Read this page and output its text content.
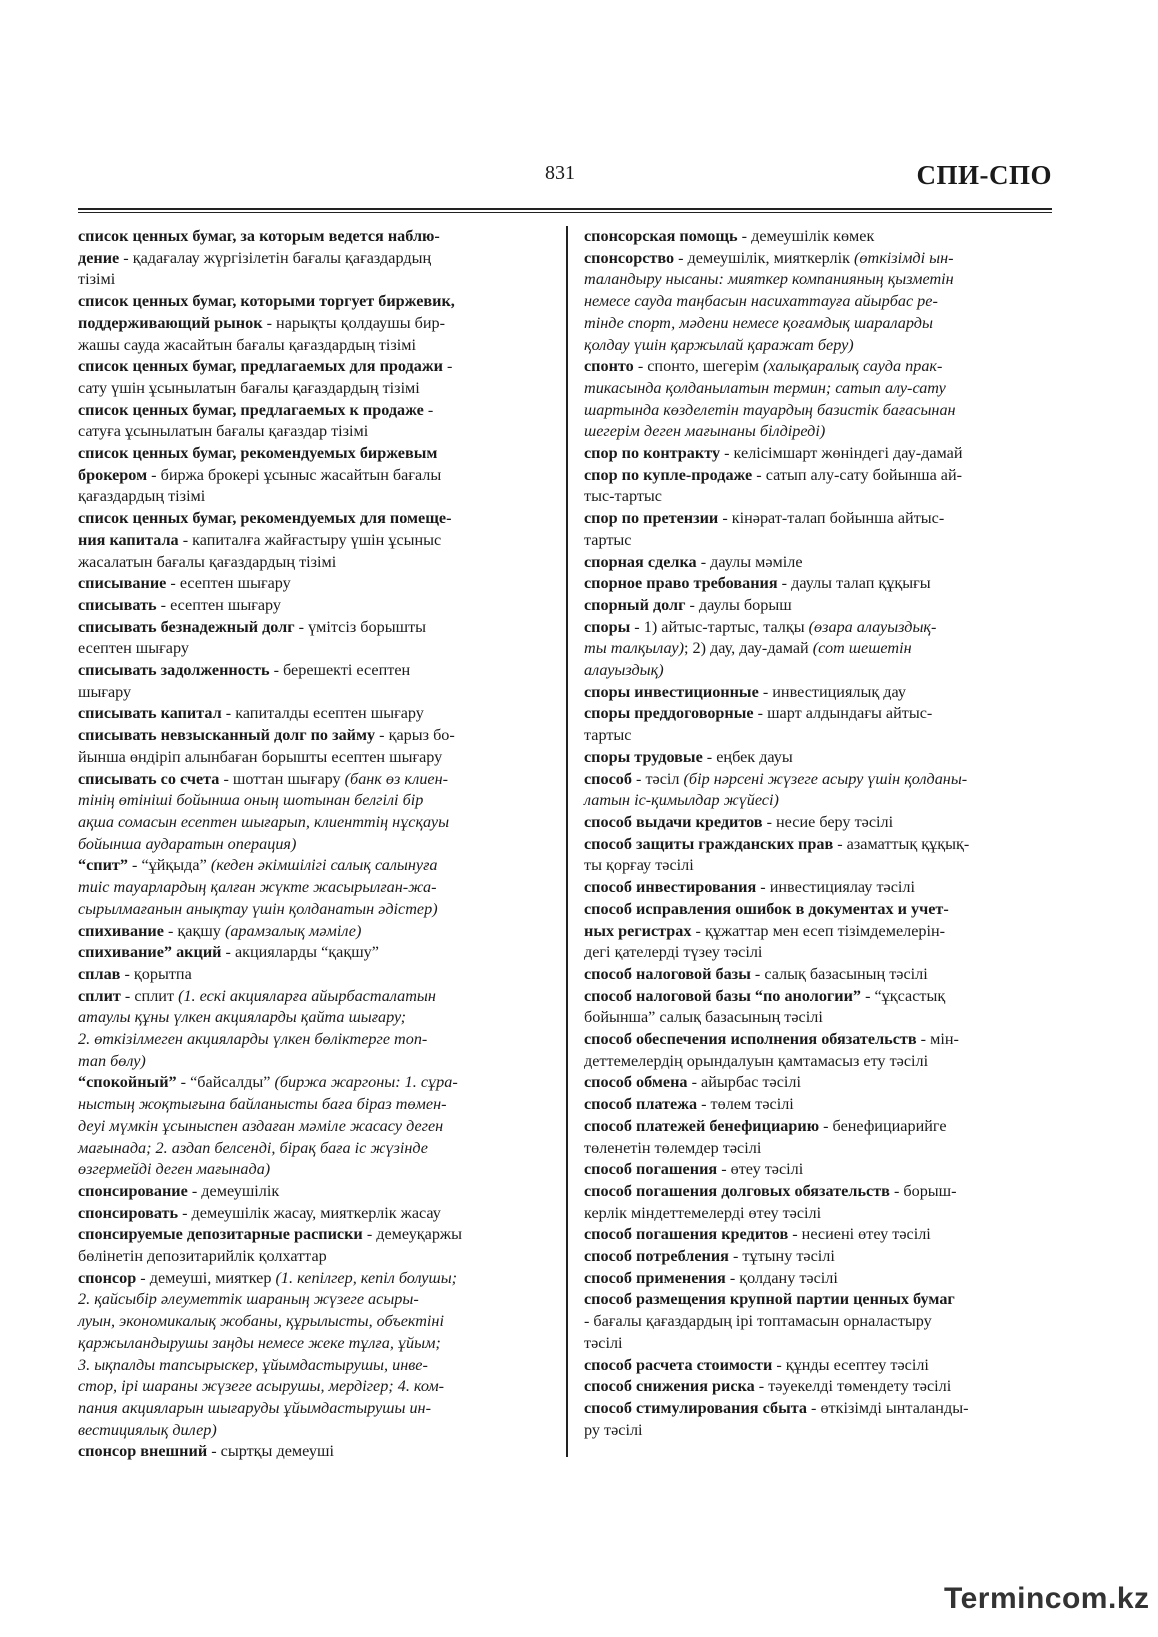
831	СПИ-СПО
список ценных бумаг, за которым ведется наблю-
дение - қадағалау жүргізілетін бағалы қағаздардың
тізімі
список ценных бумаг, которыми торгует биржевик,
поддерживающий рынок - нарықты қолдаушы бир-
жашы сауда жасайтын бағалы қағаздардың тізімі
список ценных бумаг, предлагаемых для продажи -
сату үшін ұсынылатын бағалы қағаздардың тізімі
список ценных бумаг, предлагаемых к продаже -
сатуға ұсынылатын бағалы қағаздар тізімі
список ценных бумаг, рекомендуемых биржевым
брокером - биржа брокері ұсыныс жасайтын бағалы
қағаздардың тізімі
список ценных бумаг, рекомендуемых для помеще-
ния капитала - капиталға жайғастыру үшін ұсыныс
жасалатын бағалы қағаздардың тізімі
списывание - есептен шығару
списывать - есептен шығару
списывать безнадежный долг - үмітсіз борышты
есептен шығару
списывать задолженность - берешекті есептен
шығару
списывать капитал - капиталды есептен шығару
списывать невзысканный долг по займу - қарыз бо-
йынша өндіріп алынбаған борышты есептен шығару
списывать со счета - шоттан шығару (банк өз клиен-
тінің өтініші бойынша оның шотынан белгілі бір
ақша сомасын есептен шығарып, клиенттің нұсқауы
бойынша аударатын операция)
“спит” - “ұйқыда” (кеден әкімшілігі салық салынуға
тиіс тауарлардың қалған жүкте жасырылған-жа-
сырылмағанын анықтау үшін қолданатын әдістер)
спихивание - қақшу (арамзалық мәміле)
спихивание” акций - акцияларды “қақшу”
сплав - қорытпа
сплит - сплит (1. ескі акцияларға айырбасталатын
атаулы құны үлкен акцияларды қайта шығару;
2. өткізілмеген акцияларды үлкен бөліктерге топ-
тап бөлу)
“спокойный” - “байсалды” (биржа жаргоны: 1. сұра-
ныстың жоқтығына байланысты баға біраз төмен-
деуі мүмкін ұсыныспен аздаған мәміле жасасу деген
мағынада; 2. аздап белсенді, бірақ баға іс жүзінде
өзгермейді деген мағынада)
спонсирование - демеушілік
спонсировать - демеушілік жасау, мияткерлік жасау
спонсируемые депозитарные расписки - демеуқаржы
бөлінетін депозитарийлік қолхаттар
спонсор - демеуші, мияткер (1. кепілгер, кепіл болушы;
2. қайсыбір әлеуметтік шараның жүзеге асыры-
луын, экономикалық жобаны, құрылысты, объектіні
қаржыландырушы заңды немесе жеке тұлға, ұйым;
3. ықпалды тапсырыскер, ұйымдастырушы, инве-
стор, ірі шараны жүзеге асырушы, мердігер; 4. ком-
пания акцияларын шығаруды ұйымдастырушы ин-
вестициялық дилер)
спонсор внешний - сыртқы демеуші
спонсорская помощь - демеушілік көмек
спонсорство - демеушілік, мияткерлік (өткізімді ын-
таландыру нысаны: мияткер компанияның қызметін
немесе сауда таңбасын насихаттауға айырбас ре-
тінде спорт, мәдени немесе қоғамдық шараларды
қолдау үшін қаржылай қаражат беру)
спонто - спонто, шегерім (халықаралық сауда прак-
тикасында қолданылатын термин; сатып алу-сату
шартында көзделетін тауардың базистік бағасынан
шегерім деген мағынаны білдіреді)
спор по контракту - келісімшарт жөніндегі дау-дамай
спор по купле-продаже - сатып алу-сату бойынша ай-
тыс-тартыс
спор по претензии - кінәрат-талап бойынша айтыс-
тартыс
спорная сделка - даулы мәміле
спорное право требования - даулы талап құқығы
спорный долг - даулы борыш
споры - 1) айтыс-тартыс, талқы (өзара алауыздық-
ты талқылау); 2) дау, дау-дамай (сот шешетін
алауыздық)
споры инвестиционные - инвестициялық дау
споры преддоговорные - шарт алдындағы айтыс-
тартыс
споры трудовые - еңбек дауы
способ - тәсіл (бір нәрсені жүзеге асыру үшін қолданы-
латын іс-қимылдар жүйесі)
способ выдачи кредитов - несие беру тәсілі
способ защиты гражданских прав - азаматтық құқық-
ты қорғау тәсілі
способ инвестирования - инвестициялау тәсілі
способ исправления ошибок в документах и учет-
ных регистрах - құжаттар мен есеп тізімдемелерін-
дегі қателерді түзеу тәсілі
способ налоговой базы - салық базасының тәсілі
способ налоговой базы “по анологии” - “ұқсастық
бойынша” салық базасының тәсілі
способ обеспечения исполнения обязательств - мін-
деттемелердің орындалуын қамтамасыз ету тәсілі
способ обмена - айырбас тәсілі
способ платежа - төлем тәсілі
способ платежей бенефициарию - бенефициарийге
төленетін төлемдер тәсілі
способ погашения - өтеу тәсілі
способ погашения долговых обязательств - борыш-
керлік міндеттемелерді өтеу тәсілі
способ погашения кредитов - несиені өтеу тәсілі
способ потребления - тұтыну тәсілі
способ применения - қолдану тәсілі
способ размещения крупной партии ценных бумаг
- бағалы қағаздардың ірі топтамасын орналастыру
тәсілі
способ расчета стоимости - құнды есептеу тәсілі
способ снижения риска - тәуекелді төмендету тәсілі
способ стимулирования сбыта - өткізімді ынталанды-
ру тәсілі
Termincom.kz
